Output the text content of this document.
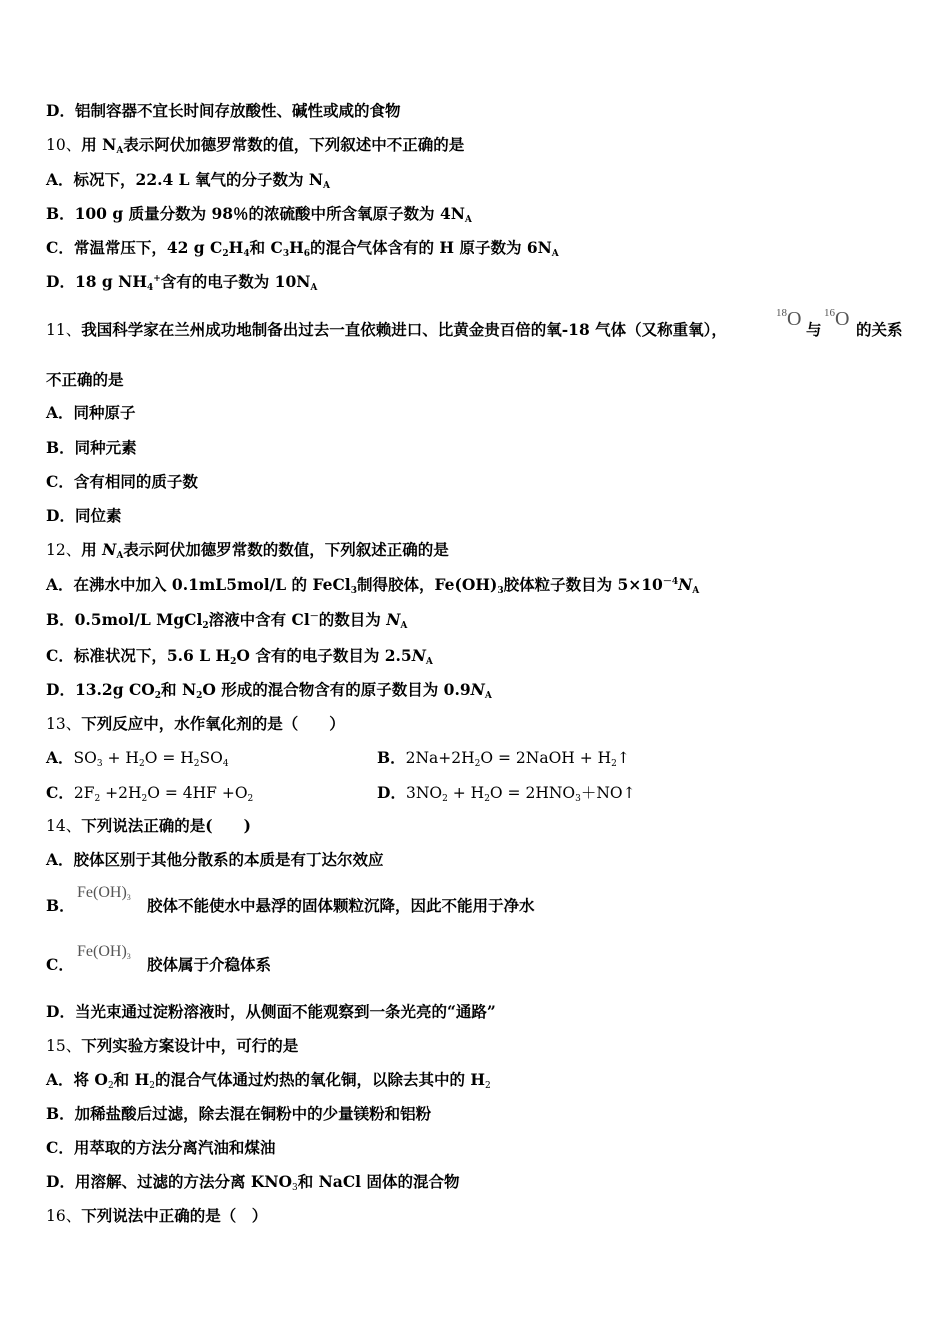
D．铝制容器不宜长时间存放酸性、碱性或咸的食物
10、用 $N_A$表示阿伏加德罗常数的值，下列叙述中不正确的是
A．标况下，22.4 L 氧气的分子数为 $N_A$
B．100 g 质量分数为 98％的浓硫酸中所含氧原子数为 $4N_A$
C．常温常压下，42 g $C_2H_4$和 $C_3H_6$的混合气体含有的 H 原子数为 $6N_A$
D．18 g $NH_4^+$含有的电子数为 $10N_A$
11、我国科学家在兰州成功地制备出过去一直依赖进口、比黄金贵百倍的氧-18 气体（又称重氧），
$^{18}$O 与
$^{16}$O 的关系
不正确的是
A．同种原子
B．同种元素
C．含有相同的质子数
D．同位素
12、用 $N_A$表示阿伏加德罗常数的数值，下列叙述正确的是
A．在沸水中加入 0.1mL5mol/L 的 FeCl$_3$制得胶体，$Fe(OH)_3$胶体粒子数目为 $5\times 10^{-4}N_A$
B．0.5mol/L MgCl$_2$溶液中含有 Cl－的数目为 $N_A$
C．标准状况下，5.6 L $H_2O$ 含有的电子数目为 $2.5N_A$
D．13.2g $CO_2$和 $N_2O$ 形成的混合物含有的原子数目为 $0.9N_A$
13、下列反应中，水作氧化剂的是（　　）
A．$SO_3 + H_2O = H_2SO_4$	B．$2Na+2H_2O$ = 2NaOH + $H_2↑$
C．$2F_2 +2H_2O = 4HF +O_2$	D．$3NO_2 + H_2O$ = $2HNO_3+NO↑$
14、下列说法正确的是(　　)
A．胶体区别于其他分散系的本质是有丁达尔效应
B．
$Fe(OH)_3$ 胶体不能使水中悬浮的固体颗粒沉降，因此不能用于净水
C．
$Fe(OH)_3$ 胶体属于介稳体系
D．当光束通过淀粉溶液时，从侧面不能观察到一条光亮的“通路”
15、下列实验方案设计中，可行的是
A．将 $O_2$和 $H_2$的混合气体通过灼热的氧化铜，以除去其中的 $H_2$
B．加稀盐酸后过滤，除去混在铜粉中的少量镁粉和铝粉
C．用萃取的方法分离汽油和煤油
D．用溶解、过滤的方法分离 $KNO_3$和 NaCl 固体的混合物
16、下列说法中正确的是（　）
